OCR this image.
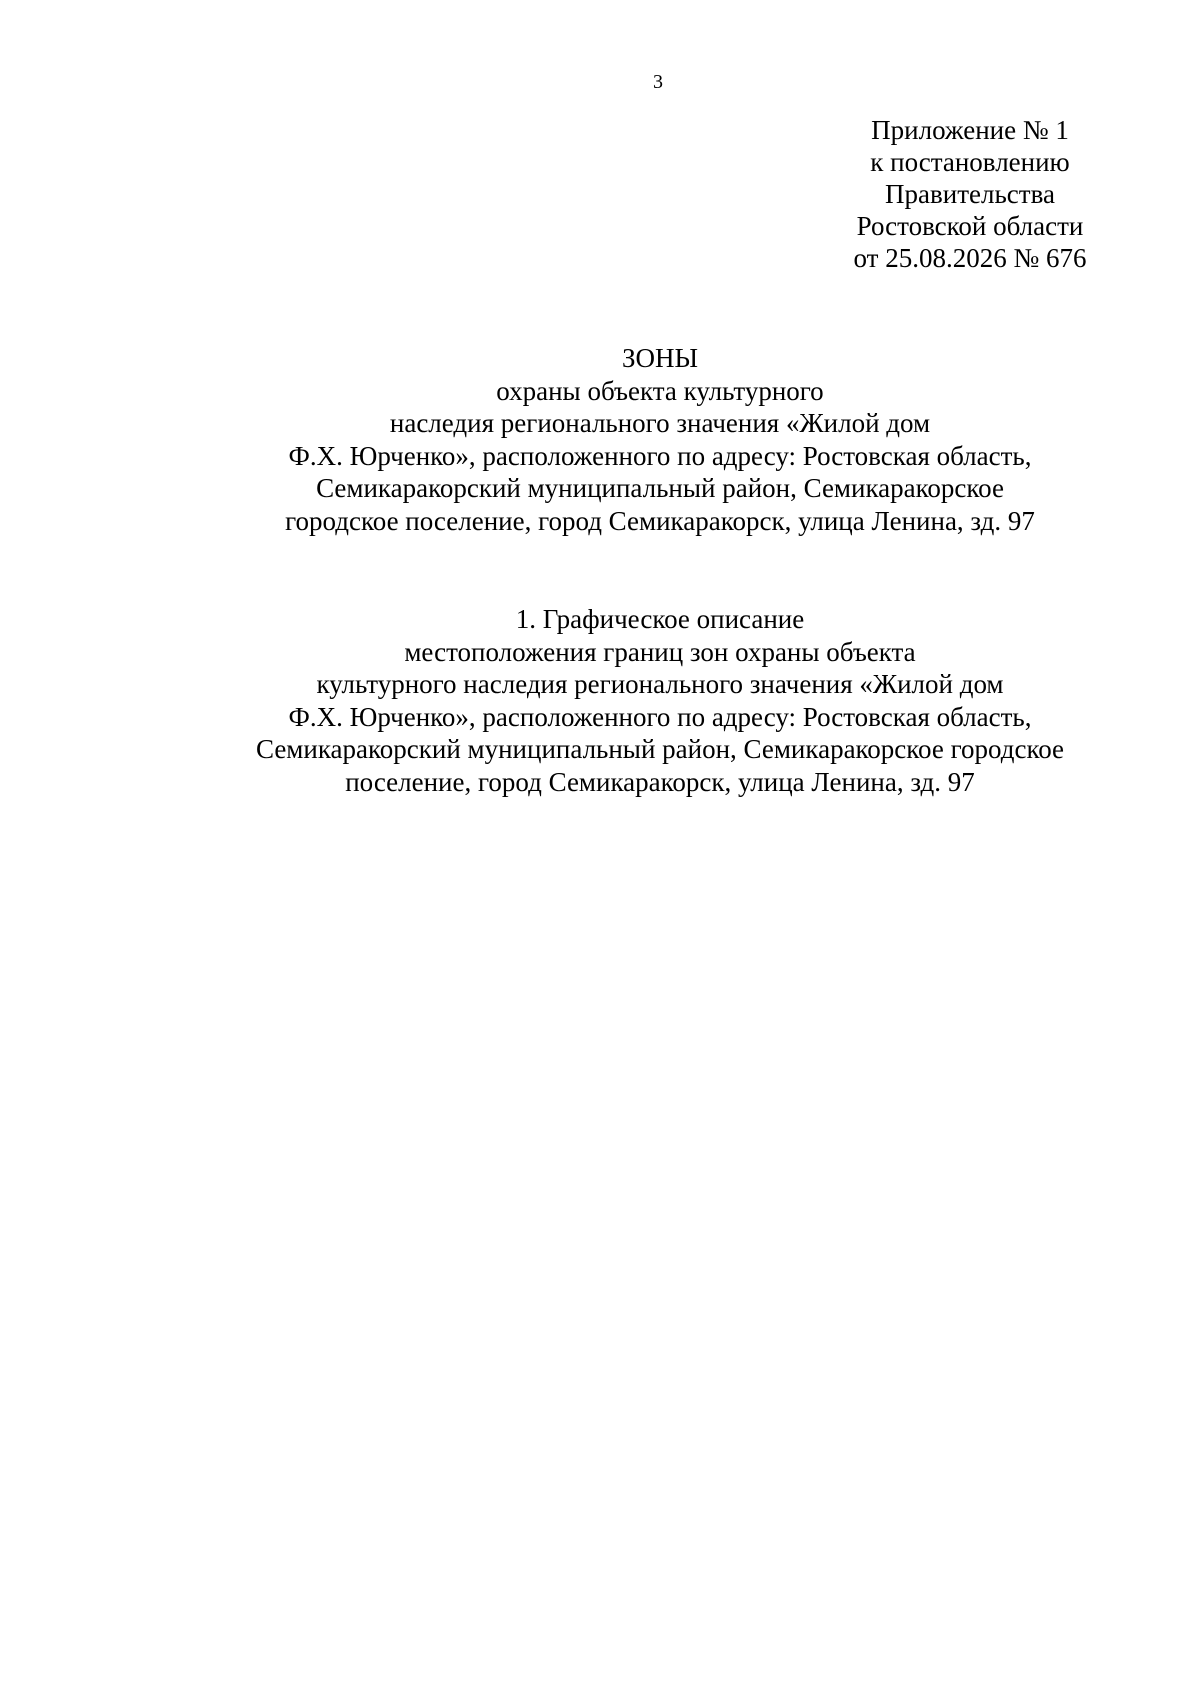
3
Приложение № 1
к постановлению
Правительства
Ростовской области
от 25.08.2026 № 676
ЗОНЫ
охраны объекта культурного
наследия регионального значения «Жилой дом
Ф.Х. Юрченко», расположенного по адресу: Ростовская область,
Семикаракорский муниципальный район, Семикаракорское
городское поселение, город Семикаракорск, улица Ленина, зд. 97
1. Графическое описание
местоположения границ зон охраны объекта
культурного наследия регионального значения «Жилой дом
Ф.Х. Юрченко», расположенного по адресу: Ростовская область,
Семикаракорский муниципальный район, Семикаракорское городское
поселение, город Семикаракорск, улица Ленина, зд. 97
